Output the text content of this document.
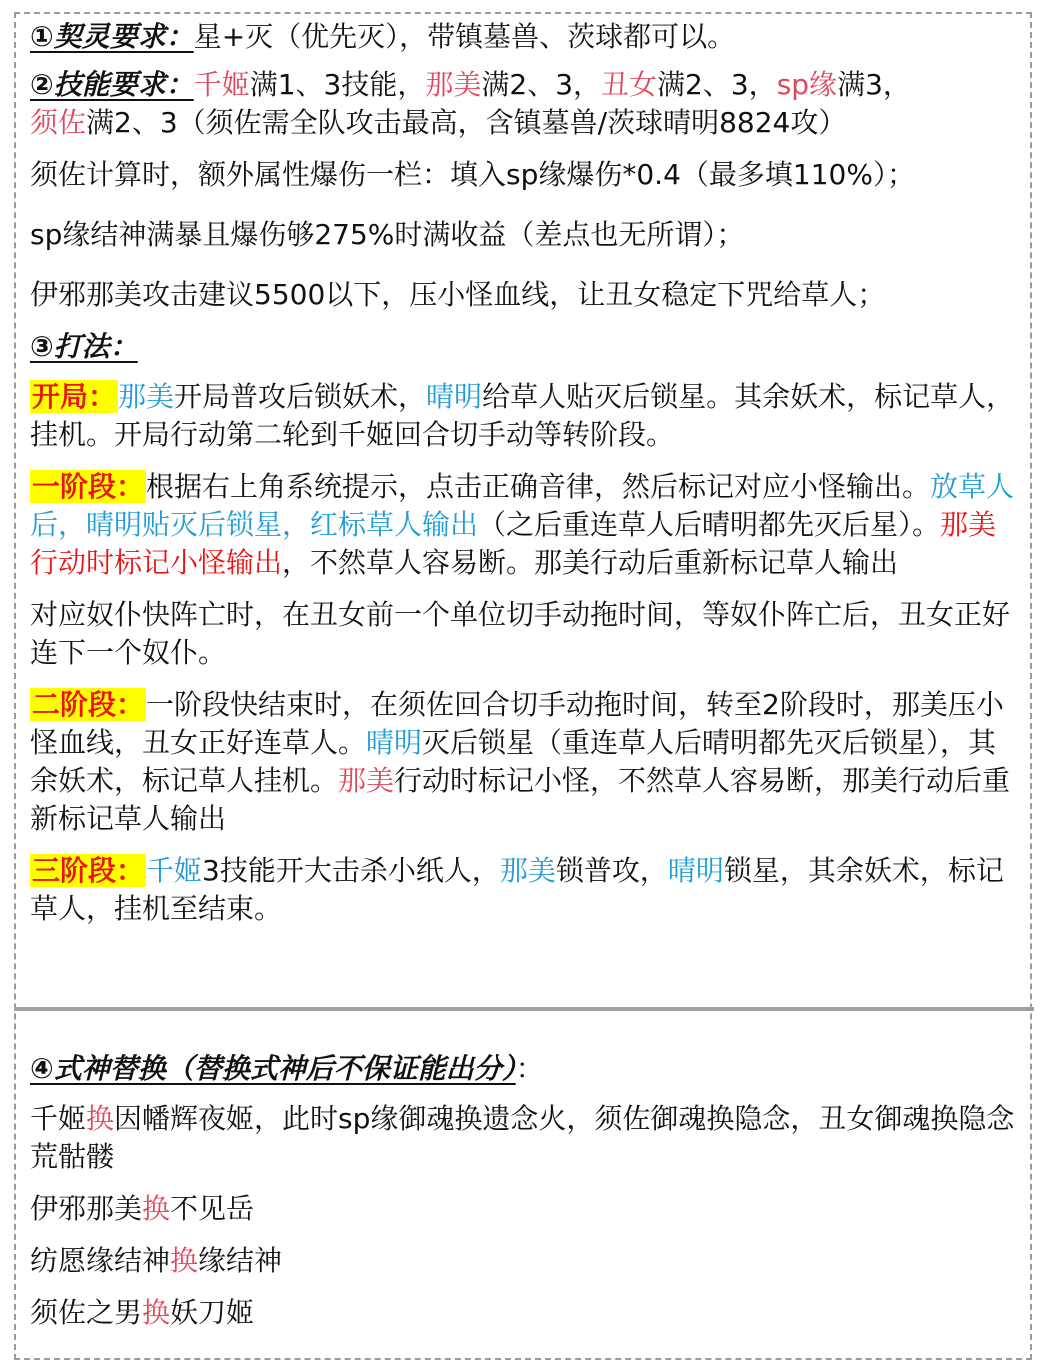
①契灵要求：星+灭（优先灭），带镇墓兽、茨球都可以。

②技能要求：千姬满1、3技能，那美满2、3，丑女满2、3，sp缘满3，
须佐满2、3（须佐需全队攻击最高，含镇墓兽/茨球晴明8824攻）

须佐计算时，额外属性爆伤一栏：填入sp缘爆伤*0.4（最多填110%）；

sp缘结神满暴且爆伤够275%时满收益（差点也无所谓）；

伊邪那美攻击建议5500以下，压小怪血线，让丑女稳定下咒给草人；

③打法：

开局：那美开局普攻后锁妖术，晴明给草人贴灭后锁星。其余妖术，标记草人，挂机。开局行动第二轮到千姬回合切手动等转阶段。

一阶段：根据右上角系统提示，点击正确音律，然后标记对应小怪输出。放草人后，晴明贴灭后锁星，红标草人输出（之后重连草人后晴明都先灭后星）。那美行动时标记小怪输出，不然草人容易断。那美行动后重新标记草人输出

对应奴仆快阵亡时，在丑女前一个单位切手动拖时间，等奴仆阵亡后，丑女正好连下一个奴仆。

二阶段：一阶段快结束时，在须佐回合切手动拖时间，转至2阶段时，那美压小怪血线，丑女正好连草人。晴明灭后锁星（重连草人后晴明都先灭后锁星），其余妖术，标记草人挂机。那美行动时标记小怪，不然草人容易断，那美行动后重新标记草人输出

三阶段：千姬3技能开大击杀小纸人，那美锁普攻，晴明锁星，其余妖术，标记草人，挂机至结束。

④式神替换（替换式神后不保证能出分）：

千姬换因幡辉夜姬，此时sp缘御魂换遗念火，须佐御魂换隐念，丑女御魂换隐念荒骷髅

伊邪那美换不见岳

纺愿缘结神换缘结神

须佐之男换妖刀姬
